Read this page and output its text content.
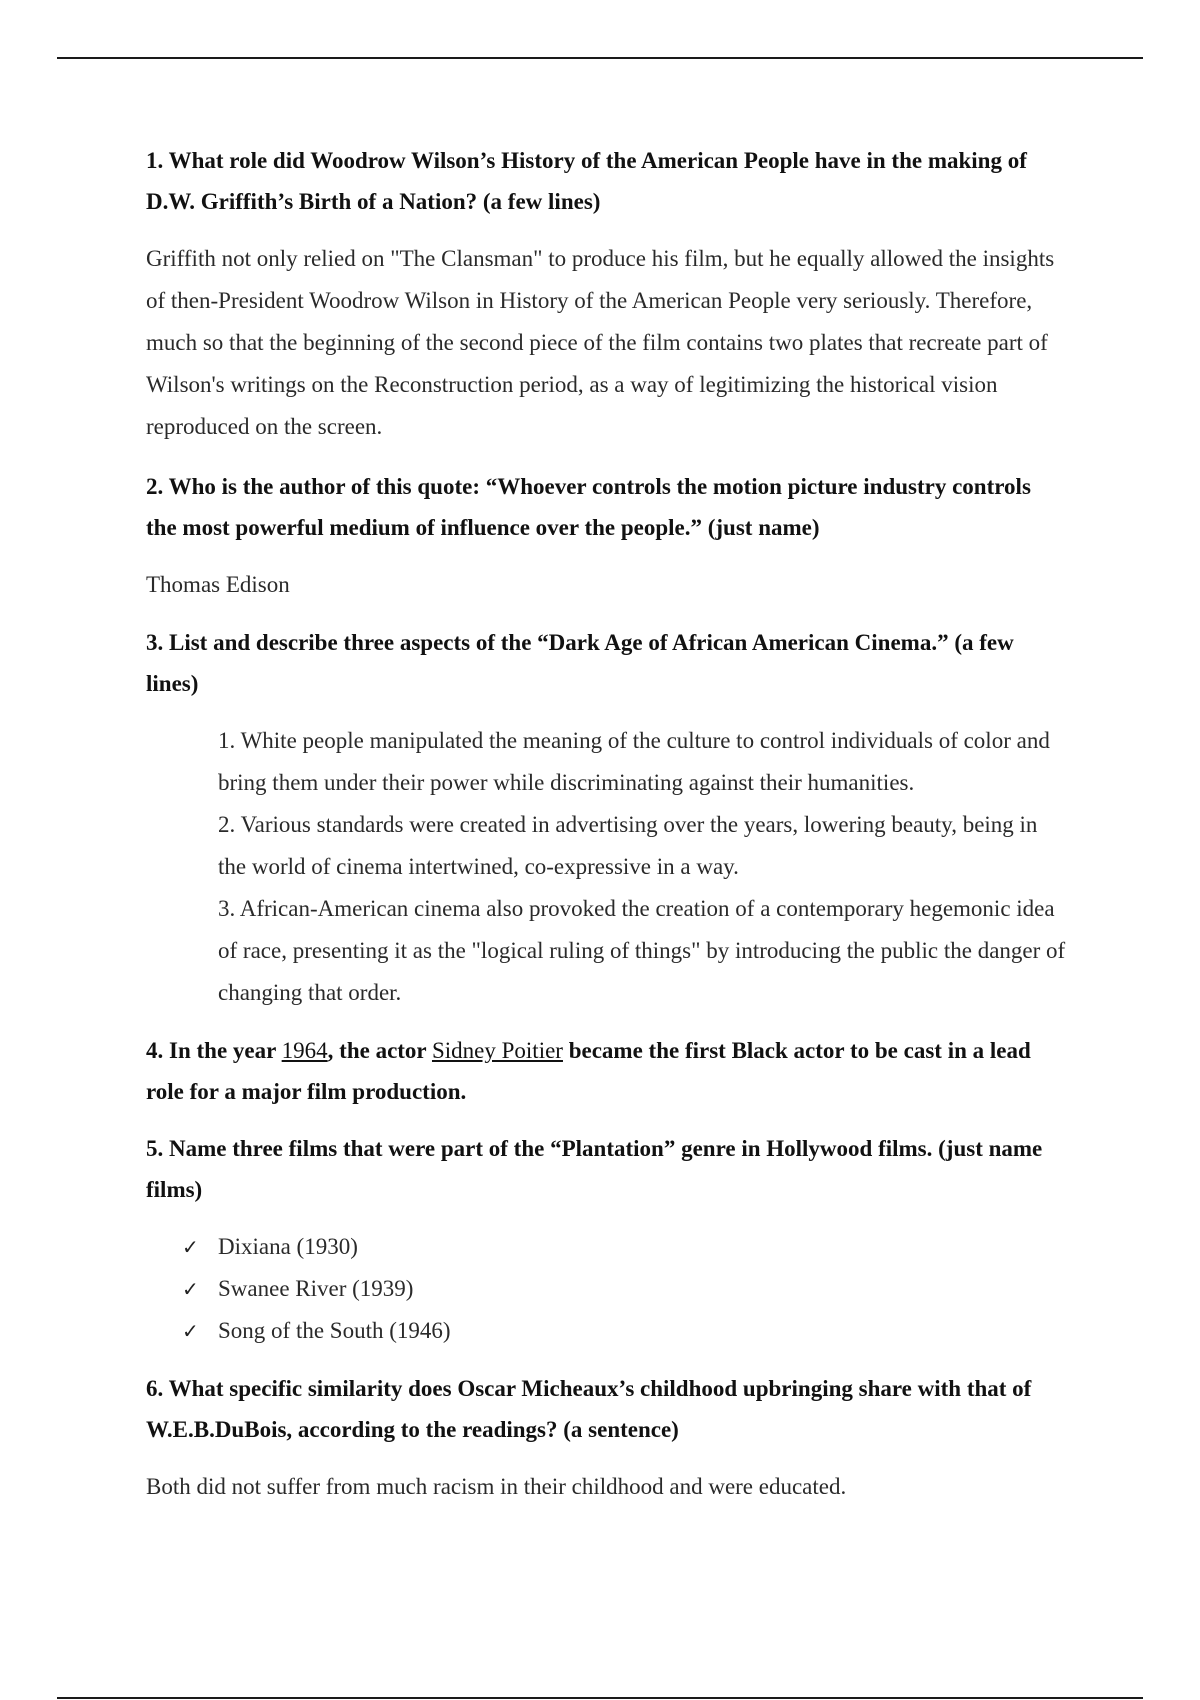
1. What role did Woodrow Wilson’s History of the American People have in the making of D.W. Griffith’s Birth of a Nation? (a few lines)

Griffith not only relied on "The Clansman" to produce his film, but he equally allowed the insights of then-President Woodrow Wilson in History of the American People very seriously. Therefore, much so that the beginning of the second piece of the film contains two plates that recreate part of Wilson's writings on the Reconstruction period, as a way of legitimizing the historical vision reproduced on the screen.

2. Who is the author of this quote: “Whoever controls the motion picture industry controls the most powerful medium of influence over the people.” (just name)

Thomas Edison

3. List and describe three aspects of the “Dark Age of African American Cinema.” (a few lines)

1. White people manipulated the meaning of the culture to control individuals of color and bring them under their power while discriminating against their humanities.

2. Various standards were created in advertising over the years, lowering beauty, being in the world of cinema intertwined, co-expressive in a way.

3. African-American cinema also provoked the creation of a contemporary hegemonic idea of race, presenting it as the "logical ruling of things" by introducing the public the danger of changing that order.

4. In the year 1964, the actor Sidney Poitier became the first Black actor to be cast in a lead role for a major film production.

5. Name three films that were part of the “Plantation” genre in Hollywood films. (just name films)

✓ Dixiana (1930)
✓ Swanee River (1939)
✓ Song of the South (1946)

6. What specific similarity does Oscar Micheaux’s childhood upbringing share with that of W.E.B.DuBois, according to the readings? (a sentence)

Both did not suffer from much racism in their childhood and were educated.
